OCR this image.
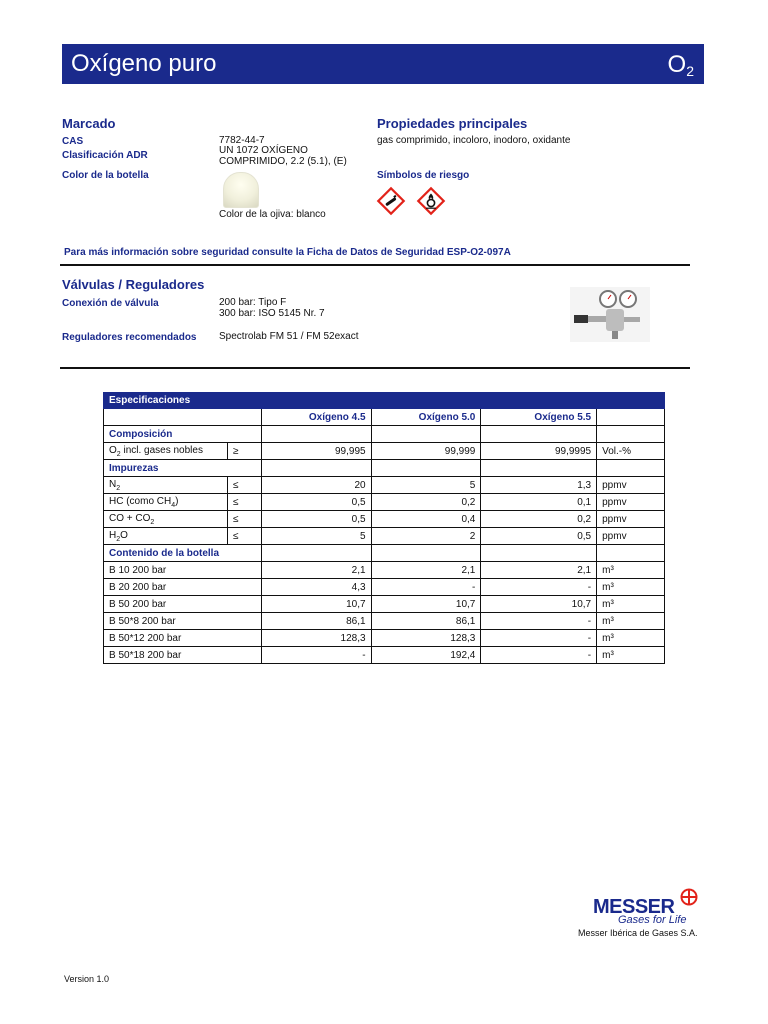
Oxígeno puro	$O_2$
Marcado
CAS	7782-44-7
Clasificación ADR	UN 1072 OXÍGENO
COMPRIMIDO, 2.2 (5.1), (E)
Color de la botella
Color de la ojiva: blanco
Propiedades principales
gas comprimido, incoloro, inodoro, oxidante
Símbolos de riesgo
Para más información sobre seguridad consulte la Ficha de Datos de Seguridad ESP-O2-097A
Válvulas / Reguladores
Conexión de válvula	200 bar: Tipo F
300 bar: ISO 5145 Nr. 7
Reguladores recomendados Spectrolab FM 51 / FM 52exact
Especificaciones					
		Oxígeno 4.5	Oxígeno 5.0	Oxígeno 5.5	
Composición					
$O_2$ incl. gases nobles	≥	99,995	99,999	99,9995	Vol.-%
Impurezas					
$N_2$	≤	20	5	1,3	ppmv
HC (como $CH_4$)	≤	0,5	0,2	0,1	ppmv
CO + $CO_2$	≤	0,5	0,4	0,2	ppmv
$H_2O$	≤	5	2	0,5	ppmv
Contenido de la botella					
B 10 200 bar		2,1	2,1	2,1	m³
B 20 200 bar		4,3	-	-	m³
B 50 200 bar		10,7	10,7	10,7	m³
B 50*8 200 bar		86,1	86,1	-	m³
B 50*12 200 bar		128,3	128,3	-	m³
B 50*18 200 bar		-	192,4	-	m³
MESSER
Gases for Life
Messer Ibérica de Gases S.A.
Version 1.0
